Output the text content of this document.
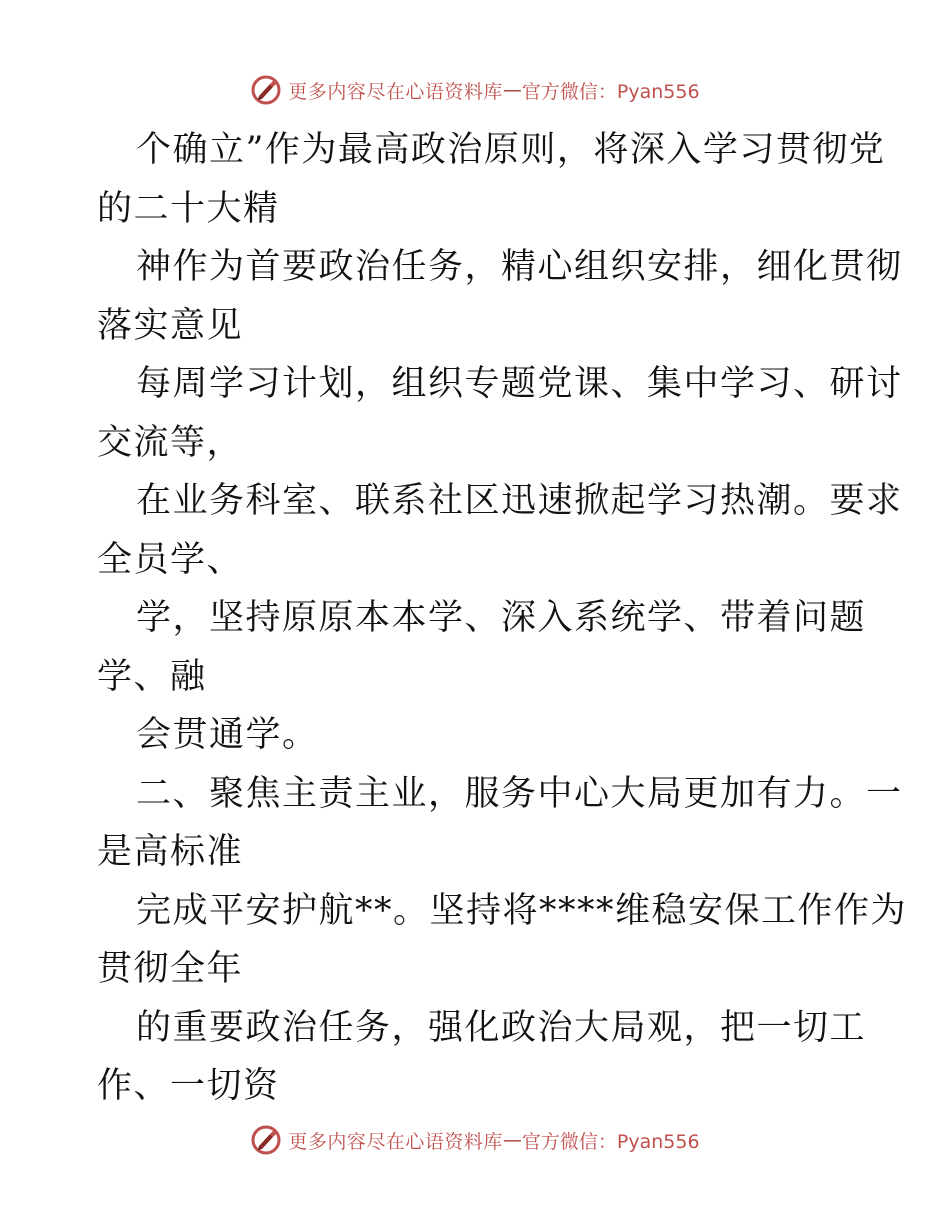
更多内容尽在心语资料库 — 官方微信：Pyan556
个确立”作为最高政治原则，将深入学习贯彻党
的二十大精
神作为首要政治任务，精心组织安排，细化贯彻
落实意见
每周学习计划，组织专题党课、集中学习、研讨
交流等，
在业务科室、联系社区迅速掀起学习热潮。要求
全员学、
学，坚持原原本本学、深入系统学、带着问题
学、融
会贯通学。
二、聚焦主责主业，服务中心大局更加有力。一
是高标准
完成平安护航**。坚持将****维稳安保工作作为
贯彻全年
的重要政治任务，强化政治大局观，把一切工
作、一切资
更多内容尽在心语资料库 — 官方微信：Pyan556
